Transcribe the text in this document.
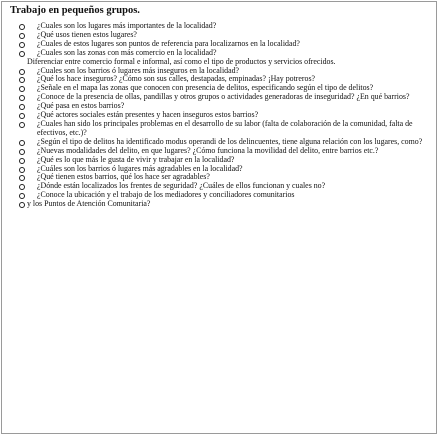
Trabajo en pequeños grupos.
¿Cuales son los lugares más importantes de la localidad?
¿Qué usos tienen estos lugares?
¿Cuales de estos lugares son puntos de referencia para localizarnos en la localidad?
¿Cuales son las zonas con más comercio en la localidad?
Diferenciar entre comercio formal e informal, así como el tipo de productos y servicios ofrecidos.
¿Cuales son los barrios ó lugares más inseguros en la localidad?
¿Qué los hace inseguros? ¿Cómo son sus calles, destapadas, empinadas? ¡Hay potreros?
¿Señale en el mapa las zonas que conocen con presencia de delitos, especificando según el tipo de delitos?
¿Conoce de la presencia de ollas, pandillas y otros grupos o actividades generadoras de inseguridad? ¿En qué barrios?
¿Qué pasa en estos barrios?
¿Qué actores sociales están presentes y hacen inseguros estos barrios?
¿Cuales han sido los principales problemas en el desarrollo de su labor (falta de colaboración de la comunidad, falta de efectivos, etc.)?
¿Según el tipo de delitos ha identificado modus operandi de los delincuentes, tiene alguna relación con los lugares, como?
¿Nuevas modalidades del delito, en que lugares? ¿Cómo funciona la movilidad del delito, entre barrios etc.?
¿Qué es lo que más le gusta de vivir y trabajar en la localidad?
¿Cuáles son los barrios ó lugares más agradables en la localidad?
¿Qué tienen estos barrios, qué los hace ser agradables?
¿Dónde están localizados los frentes de seguridad? ¿Cuáles de ellos funcionan y cuales no?
¿Conoce la ubicación y el trabajo de los mediadores y conciliadores comunitarios
y los Puntos de Atención Comunitaria?
